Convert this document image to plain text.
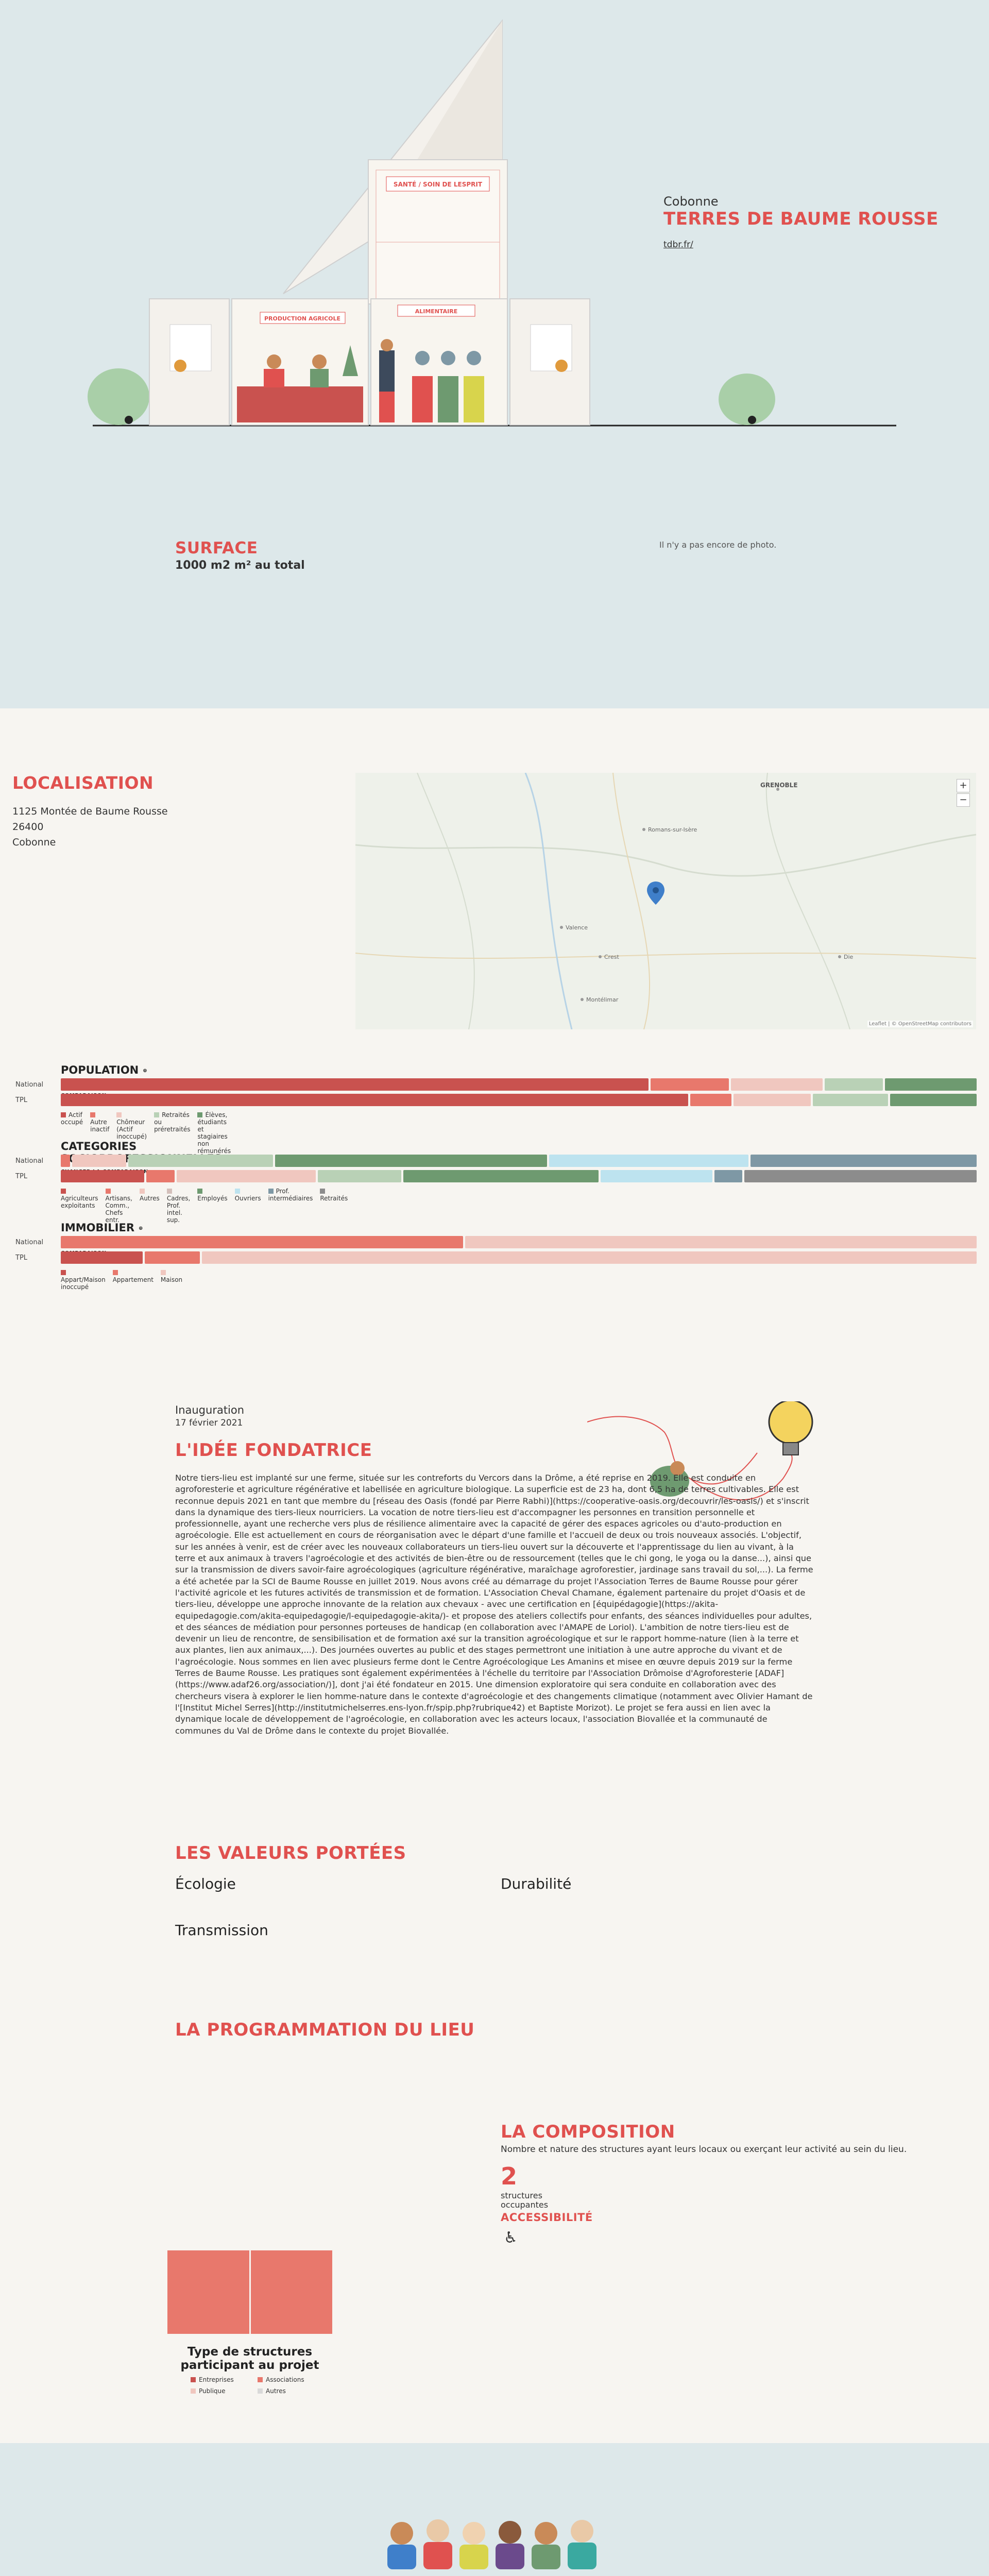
SANTÉ / SOIN DE LESPRIT
PRODUCTION AGRICOLE
ALIMENTAIRE
Cobonne
TERRES DE BAUME ROUSSE
tdbr.fr/
SURFACE
1000 m2 m² au total
Il n'y a pas encore de photo.
LOCALISATION
1125 Montée de Baume Rousse
26400
Cobonne
Romans-sur-Isère
GRENOBLE
Valence
Crest	Die
Montélimar
+
−
Leaflet | © OpenStreetMap contributors
POPULATION ⊕
National
TPL
Actif occupé Autre inactif
Chômeur (Actif inoccupé)
Retraités ou préretraités
Élèves, étudiants et stagiaires non rémunérés
CATEGORIES
National
TPL
Agriculteurs exploitants
Artisans, Comm., Chefs entr.
Autres Cadres, Prof. intel. sup.
Employés Ouvriers
Prof. intermédiaires Retraités
IMMOBILIER ⊕
National
TPL
Appart/Maison inoccupé
Appartement Maison
Inauguration
17 février 2021
L'IDÉE FONDATRICE
Notre tiers-lieu est implanté sur une ferme, située sur les contreforts du Vercors dans la Drôme, a été reprise en 2019. Elle est conduite en agroforesterie et agriculture régénérative et labellisée en agriculture biologique. La superficie est de 23 ha, dont 6,5 ha de terres cultivables. Elle est reconnue depuis 2021 en tant que membre du [réseau des Oasis (fondé par Pierre Rabhi)](https://cooperative-oasis.org/decouvrir/les-oasis/) et s'inscrit dans la dynamique des tiers-lieux nourriciers. La vocation de notre tiers-lieu est d'accompagner les personnes en transition personnelle et professionnelle, ayant une recherche vers plus de résilience alimentaire avec la capacité de gérer des espaces agricoles ou d'auto-production en agroécologie. Elle est actuellement en cours de réorganisation avec le départ d'une famille et l'accueil de deux ou trois nouveaux associés. L'objectif, sur les années à venir, est de créer avec les nouveaux collaborateurs un tiers-lieu ouvert sur la découverte et l'apprentissage du lien au vivant, à la terre et aux animaux à travers l'agroécologie et des activités de bien-être ou de ressourcement (telles que le chi gong, le yoga ou la danse...), ainsi que sur la transmission de divers savoir-faire agroécologiques (agriculture régénérative, maraîchage agroforestier, jardinage sans travail du sol,...). La ferme a été achetée par la SCI de Baume Rousse en juillet 2019. Nous avons créé au démarrage du projet l'Association Terres de Baume Rousse pour gérer l'activité agricole et les futures activités de transmission et de formation. L'Association Cheval Chamane, également partenaire du projet d'Oasis et de tiers-lieu, développe une approche innovante de la relation aux chevaux - avec une certification en [équipédagogie](https://akita-equipedagogie.com/akita-equipedagogie/l-equipedagogie-akita/)- et propose des ateliers collectifs pour enfants, des séances individuelles pour adultes, et des séances de médiation pour personnes porteuses de handicap (en collaboration avec l'AMAPE de Loriol). L'ambition de notre tiers-lieu est de devenir un lieu de rencontre, de sensibilisation et de formation axé sur la transition agroécologique et sur le rapport homme-nature (lien à la terre et aux plantes, lien aux animaux,...). Des journées ouvertes au public et des stages permettront une initiation à une autre approche du vivant et de l'agroécologie. Nous sommes en lien avec plusieurs ferme dont le Centre Agroécologique Les Amanins et misee en œuvre depuis 2019 sur la ferme Terres de Baume Rousse. Les pratiques sont également expérimentées à l'échelle du territoire par l'Association Drômoise d'Agroforesterie [ADAF](https://www.adaf26.org/association/)], dont j'ai été fondateur en 2015. Une dimension exploratoire qui sera conduite en collaboration avec des chercheurs visera à explorer le lien homme-nature dans le contexte d'agroécologie et des changements climatique (notamment avec Olivier Hamant de l'[Institut Michel Serres](http://institutmichelserres.ens-lyon.fr/spip.php?rubrique42) et Baptiste Morizot). Le projet se fera aussi en lien avec la dynamique locale de développement de l'agroécologie, en collaboration avec les acteurs locaux, l'association Biovallée et la communauté de communes du Val de Drôme dans le contexte du projet Biovallée.
LES VALEURS PORTÉES
Écologie	Durabilité
Transmission
LA PROGRAMMATION DU LIEU
LA COMPOSITION
Nombre et nature des structures ayant leurs locaux ou exerçant leur activité au sein du lieu.
2
structures occupantes
ACCESSIBILITÉ
♿
Type de structures participant au projet
Entreprises	Associations
Publique	Autres
